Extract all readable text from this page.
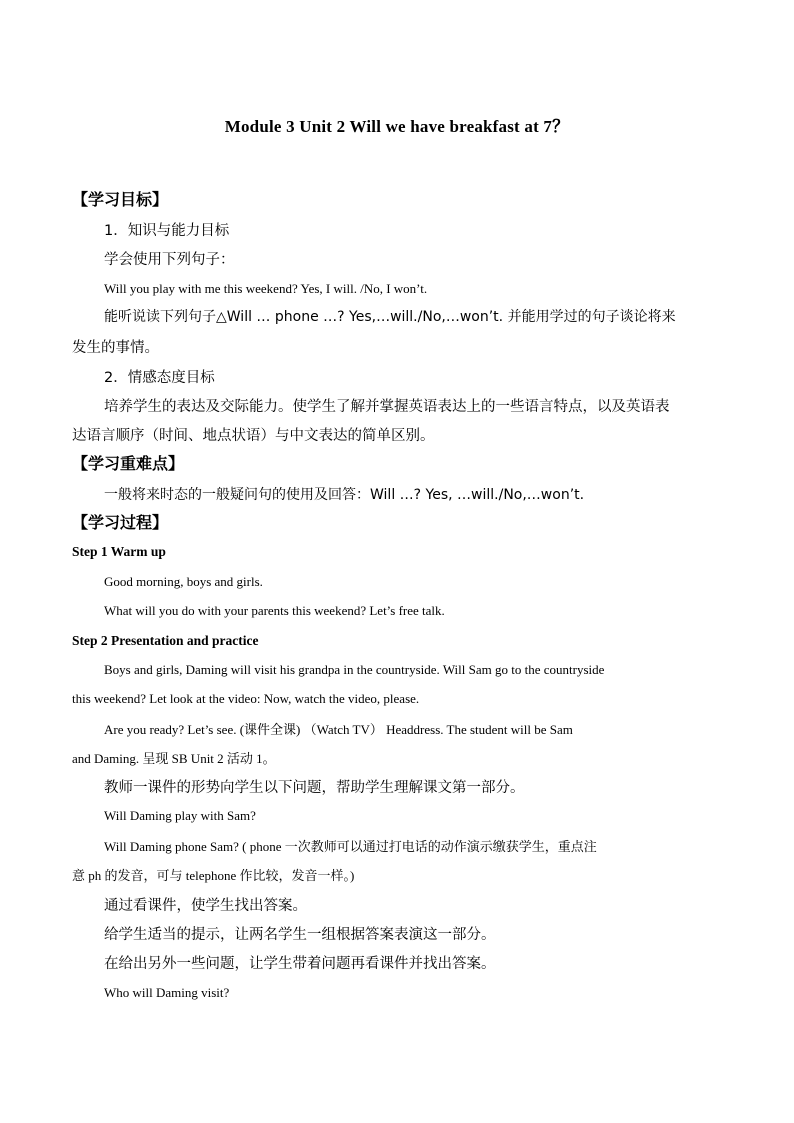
Module 3 Unit 2 Will we have breakfast at 7？
【学习目标】
1．知识与能力目标
学会使用下列句子：
Will you play with me this weekend? Yes, I will. /No, I won’t.
能听说读下列句子△Will … phone …? Yes,…will./No,…won’t. 并能用学过的句子谈论将来
发生的事情。
2．情感态度目标
培养学生的表达及交际能力。使学生了解并掌握英语表达上的一些语言特点，以及英语表
达语言顺序（时间、地点状语）与中文表达的简单区别。
【学习重难点】
一般将来时态的一般疑问句的使用及回答：Will …? Yes, …will./No,…won’t.
【学习过程】
Step 1 Warm up
Good morning, boys and girls.
What will you do with your parents this weekend? Let’s free talk.
Step 2 Presentation and practice
Boys and girls, Daming will visit his grandpa in the countryside. Will Sam go to the countryside
this weekend? Let look at the video: Now, watch the video, please.
Are you ready? Let’s see. (课件全课) （Watch TV） Headdress. The student will be Sam
and Daming. 呈现 SB Unit 2 活动 1。
教师一课件的形势向学生以下问题，帮助学生理解课文第一部分。
Will Daming play with Sam?
Will Daming phone Sam? ( phone 一次教师可以通过打电话的动作演示缴获学生，重点注
意 ph 的发音，可与 telephone 作比较，发音一样。)
通过看课件，使学生找出答案。
给学生适当的提示，让两名学生一组根据答案表演这一部分。
在给出另外一些问题，让学生带着问题再看课件并找出答案。
Who will Daming visit?
